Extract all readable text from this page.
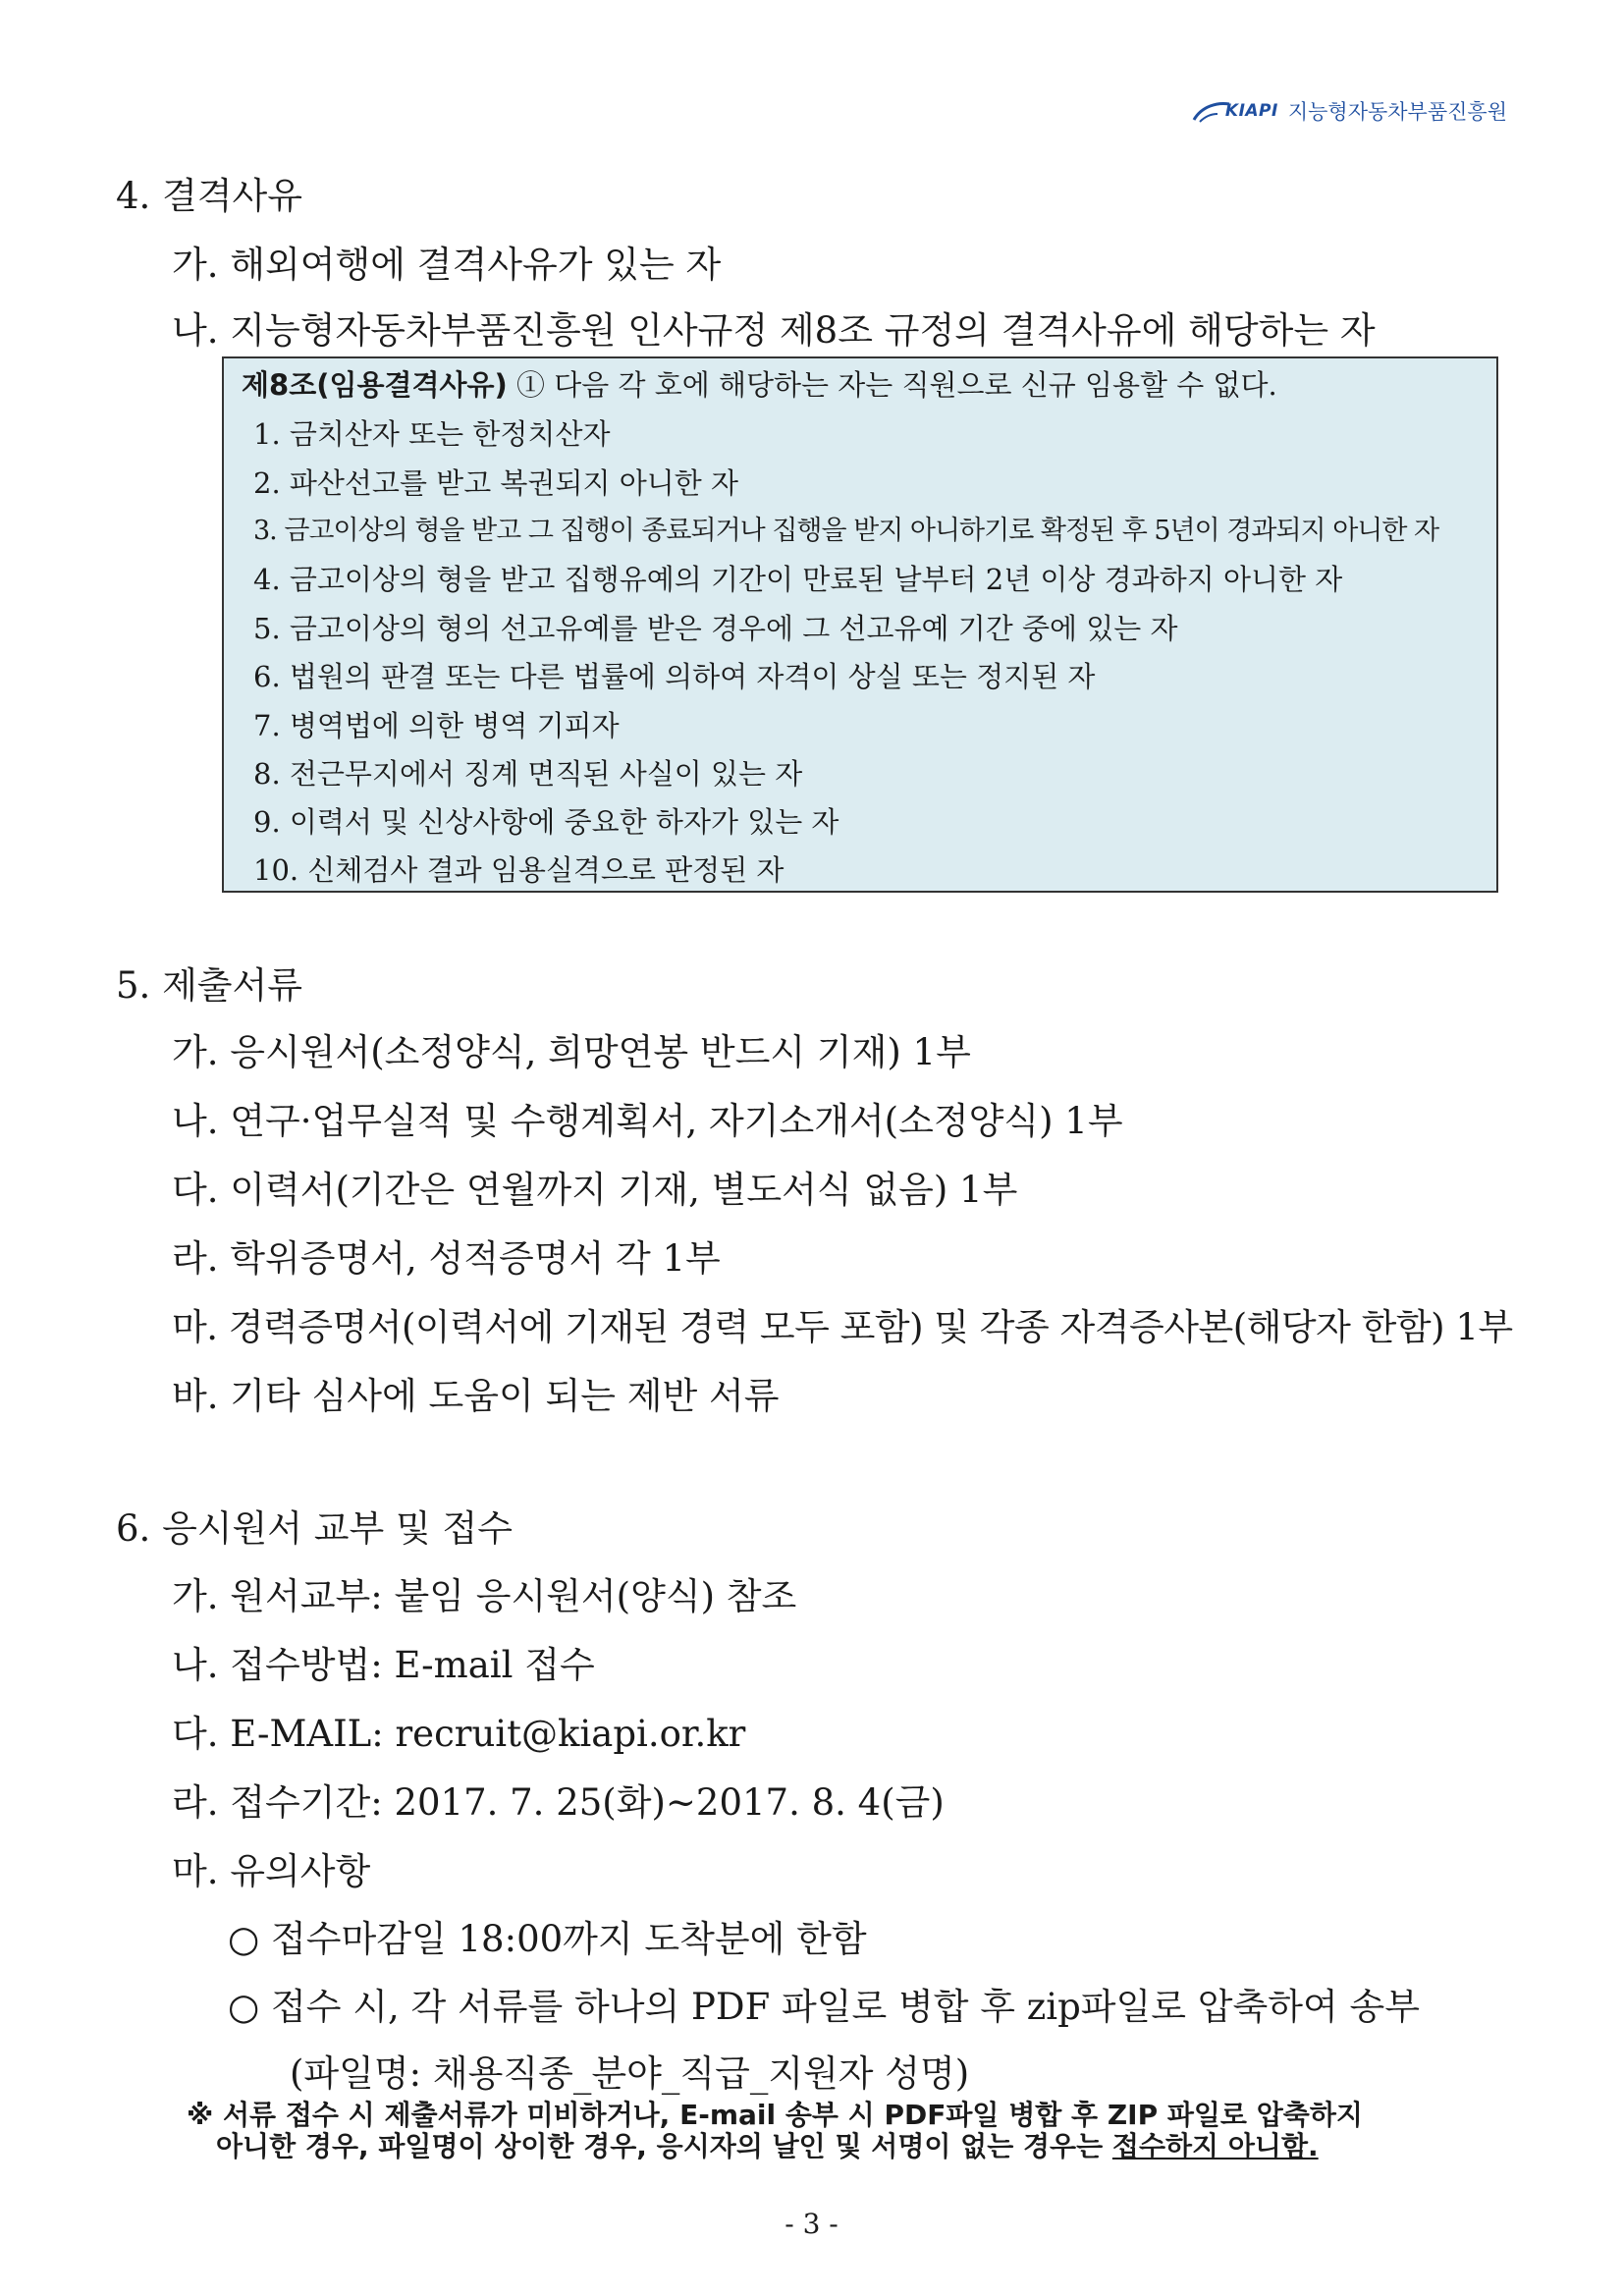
KIAPI 지능형자동차부품진흥원
4. 결격사유
가. 해외여행에 결격사유가 있는 자
나. 지능형자동차부품진흥원 인사규정 제8조 규정의 결격사유에 해당하는 자
제8조(임용결격사유) ① 다음 각 호에 해당하는 자는 직원으로 신규 임용할 수 없다.
1. 금치산자 또는 한정치산자
2. 파산선고를 받고 복권되지 아니한 자
3. 금고이상의 형을 받고 그 집행이 종료되거나 집행을 받지 아니하기로 확정된 후 5년이 경과되지 아니한 자
4. 금고이상의 형을 받고 집행유예의 기간이 만료된 날부터 2년 이상 경과하지 아니한 자
5. 금고이상의 형의 선고유예를 받은 경우에 그 선고유예 기간 중에 있는 자
6. 법원의 판결 또는 다른 법률에 의하여 자격이 상실 또는 정지된 자
7. 병역법에 의한 병역 기피자
8. 전근무지에서 징계 면직된 사실이 있는 자
9. 이력서 및 신상사항에 중요한 하자가 있는 자
10. 신체검사 결과 임용실격으로 판정된 자
5. 제출서류
가. 응시원서(소정양식, 희망연봉 반드시 기재) 1부
나. 연구·업무실적 및 수행계획서, 자기소개서(소정양식) 1부
다. 이력서(기간은 연월까지 기재, 별도서식 없음) 1부
라. 학위증명서, 성적증명서 각 1부
마. 경력증명서(이력서에 기재된 경력 모두 포함) 및 각종 자격증사본(해당자 한함) 1부
바. 기타 심사에 도움이 되는 제반 서류
6. 응시원서 교부 및 접수
가. 원서교부: 붙임 응시원서(양식) 참조
나. 접수방법: E-mail 접수
다. E-MAIL: recruit@kiapi.or.kr
라. 접수기간: 2017. 7. 25(화)~2017. 8. 4(금)
마. 유의사항
○ 접수마감일 18:00까지 도착분에 한함
○ 접수 시, 각 서류를 하나의 PDF 파일로 병합 후 zip파일로 압축하여 송부
(파일명: 채용직종_분야_직급_지원자 성명)
※ 서류 접수 시 제출서류가 미비하거나, E-mail 송부 시 PDF파일 병합 후 ZIP 파일로 압축하지
아니한 경우, 파일명이 상이한 경우, 응시자의 날인 및 서명이 없는 경우는 접수하지 아니함.
- 3 -
